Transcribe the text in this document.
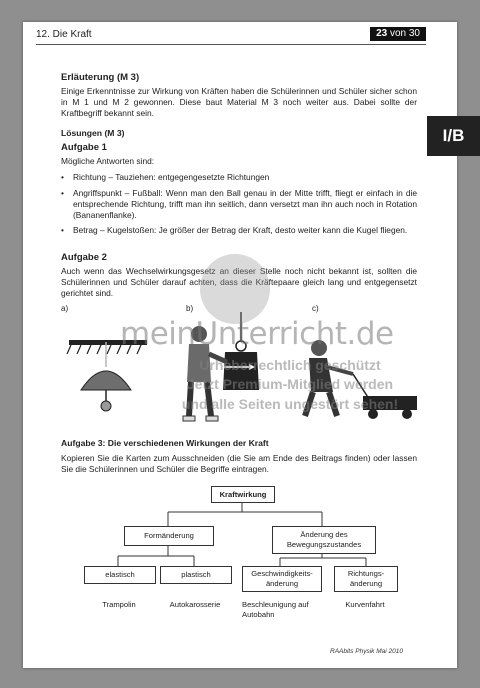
12. Die Kraft	23 von 30
I/B
Erläuterung (M 3)
Einige Erkenntnisse zur Wirkung von Kräften haben die Schülerinnen und Schüler sicher schon in M 1 und M 2 gewonnen. Diese baut Material M 3 noch weiter aus. Dabei sollte der Kraftbegriff bekannt sein.
Lösungen (M 3)
Aufgabe 1
Mögliche Antworten sind:
• Richtung – Tauziehen: entgegengesetzte Richtungen
• Angriffspunkt – Fußball: Wenn man den Ball genau in der Mitte trifft, fliegt er einfach in die entsprechende Richtung, trifft man ihn seitlich, dann versetzt man ihn auch noch in Rotation (Bananenflanke).
• Betrag – Kugelstoßen: Je größer der Betrag der Kraft, desto weiter kann die Kugel fliegen.
Aufgabe 2
Auch wenn das Wechselwirkungsgesetz an dieser Stelle noch nicht bekannt ist, sollten die Schülerinnen und Schüler darauf achten, dass die Kräftepaare gleich lang und entgegensetzt gerichtet sind.
a)	b)	c)
meinUnterricht.de
Urheberrechtlich geschützt
Jetzt Premium-Mitglied werden
und alle Seiten ungestört sehen!
Aufgabe 3: Die verschiedenen Wirkungen der Kraft
Kopieren Sie die Karten zum Ausschneiden (die Sie am Ende des Beitrags finden) oder lassen Sie die Schülerinnen und Schüler die Begriffe eintragen.
Kraftwirkung
Formänderung	Änderung des Bewegungszustandes
elastisch	plastisch	Geschwindigkeits-änderung
Richtungs-änderung
Trampolin	Autokarosserie	Beschleunigung auf Autobahn
Kurvenfahrt
RAAbits Physik Mai 2010
